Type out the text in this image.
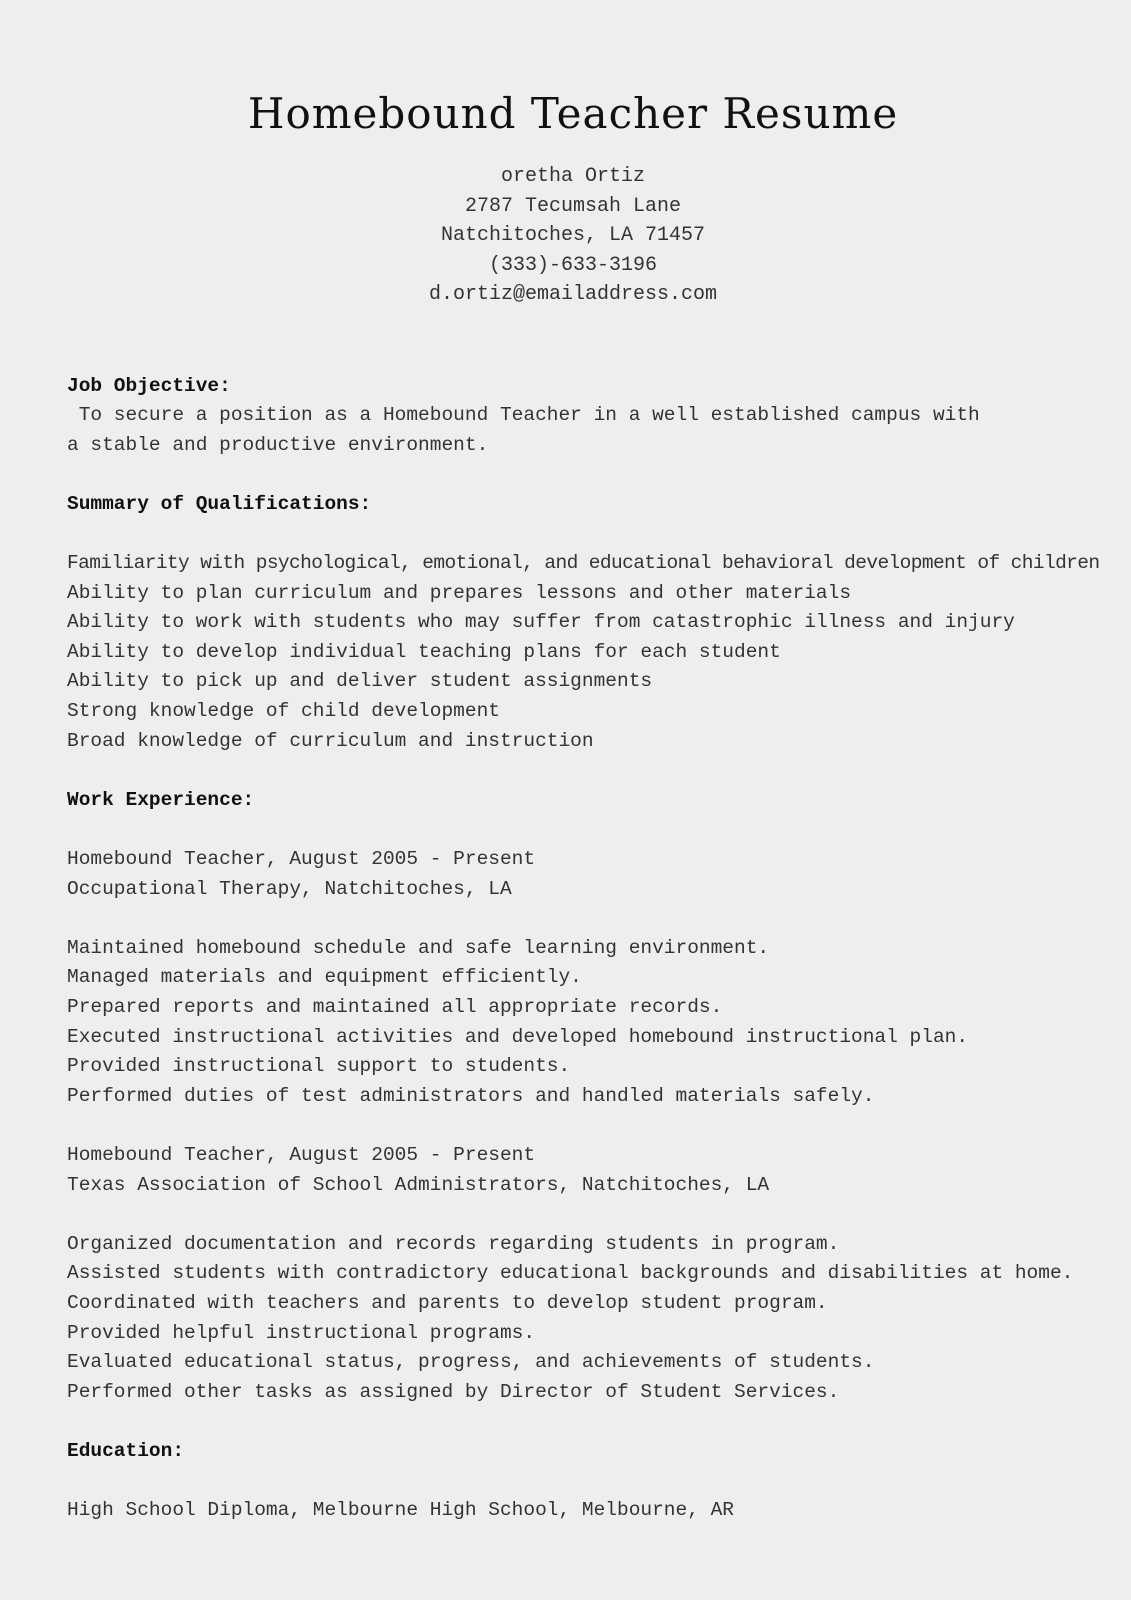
Homebound Teacher Resume
oretha Ortiz
2787 Tecumsah Lane
Natchitoches, LA 71457
(333)-633-3196
d.ortiz@emailaddress.com
Job Objective: To secure a position as a Homebound Teacher in a well established campus with
a stable and productive environment.
Summary of Qualifications:
Familiarity with psychological, emotional, and educational behavioral development of children
Ability to plan curriculum and prepares lessons and other materials
Ability to work with students who may suffer from catastrophic illness and injury
Ability to develop individual teaching plans for each student
Ability to pick up and deliver student assignments
Strong knowledge of child development
Broad knowledge of curriculum and instruction
Work Experience:
Homebound Teacher, August 2005 - Present
Occupational Therapy, Natchitoches, LA
Maintained homebound schedule and safe learning environment.
Managed materials and equipment efficiently.
Prepared reports and maintained all appropriate records.
Executed instructional activities and developed homebound instructional plan.
Provided instructional support to students.
Performed duties of test administrators and handled materials safely.
Homebound Teacher, August 2005 - Present
Texas Association of School Administrators, Natchitoches, LA
Organized documentation and records regarding students in program.
Assisted students with contradictory educational backgrounds and disabilities at home.
Coordinated with teachers and parents to develop student program.
Provided helpful instructional programs.
Evaluated educational status, progress, and achievements of students.
Performed other tasks as assigned by Director of Student Services.
Education:
High School Diploma, Melbourne High School, Melbourne, AR
